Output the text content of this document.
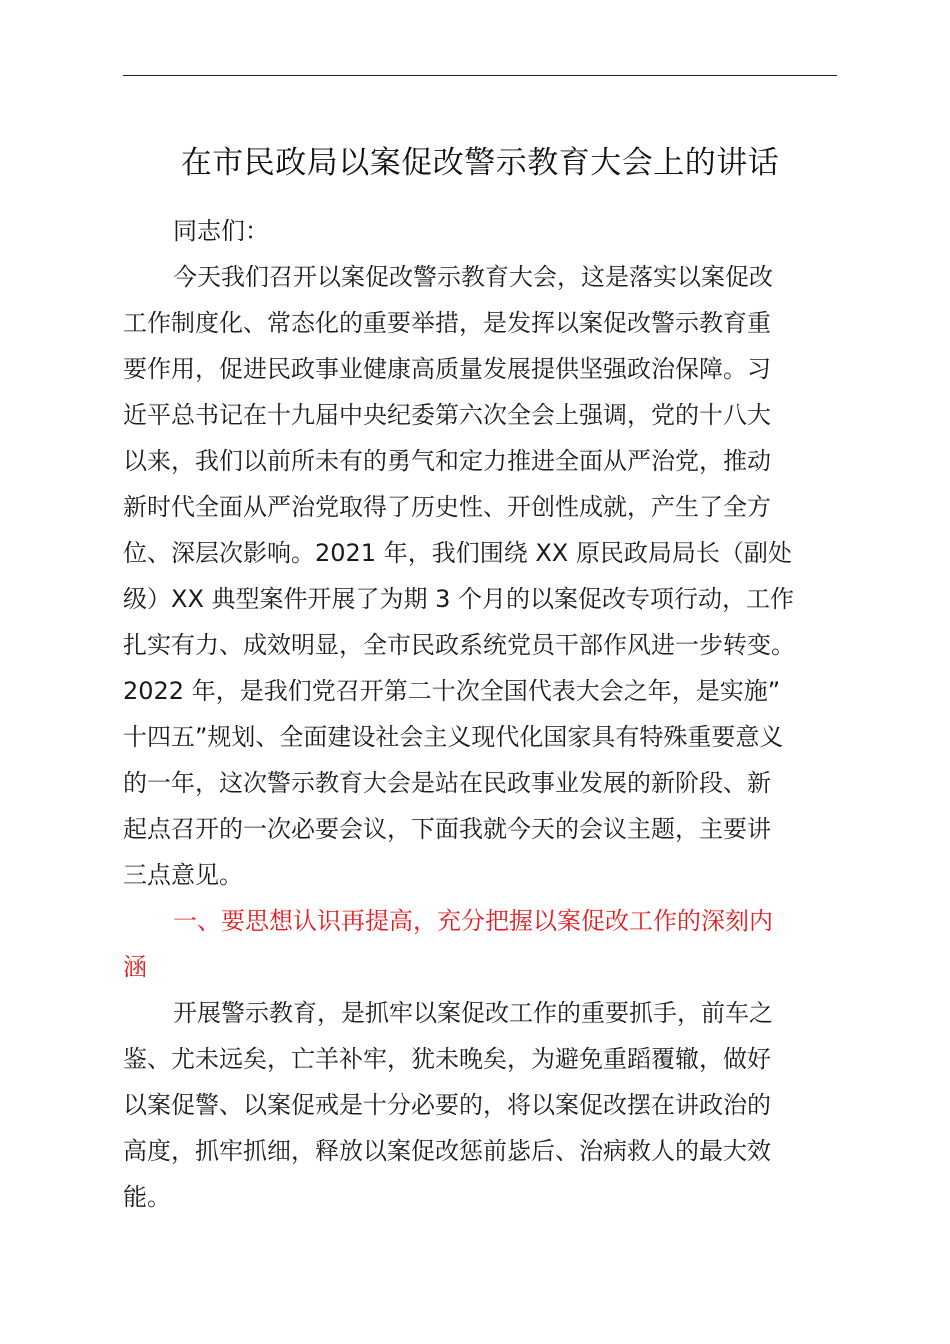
在市民政局以案促改警示教育大会上的讲话
同志们：
今天我们召开以案促改警示教育大会，这是落实以案促改
工作制度化、常态化的重要举措，是发挥以案促改警示教育重
要作用，促进民政事业健康高质量发展提供坚强政治保障。习
近平总书记在十九届中央纪委第六次全会上强调，党的十八大
以来，我们以前所未有的勇气和定力推进全面从严治党，推动
新时代全面从严治党取得了历史性、开创性成就，产生了全方
位、深层次影响。2021 年，我们围绕 XX 原民政局局长（副处
级）XX 典型案件开展了为期 3 个月的以案促改专项行动，工作
扎实有力、成效明显，全市民政系统党员干部作风进一步转变。
2022 年，是我们党召开第二十次全国代表大会之年，是实施”
十四五”规划、全面建设社会主义现代化国家具有特殊重要意义
的一年，这次警示教育大会是站在民政事业发展的新阶段、新
起点召开的一次必要会议，下面我就今天的会议主题，主要讲
三点意见。
一、要思想认识再提高，充分把握以案促改工作的深刻内
涵
开展警示教育，是抓牢以案促改工作的重要抓手，前车之
鉴、尤未远矣，亡羊补牢，犹未晚矣，为避免重蹈覆辙，做好
以案促警、以案促戒是十分必要的，将以案促改摆在讲政治的
高度，抓牢抓细，释放以案促改惩前毖后、治病救人的最大效
能。
